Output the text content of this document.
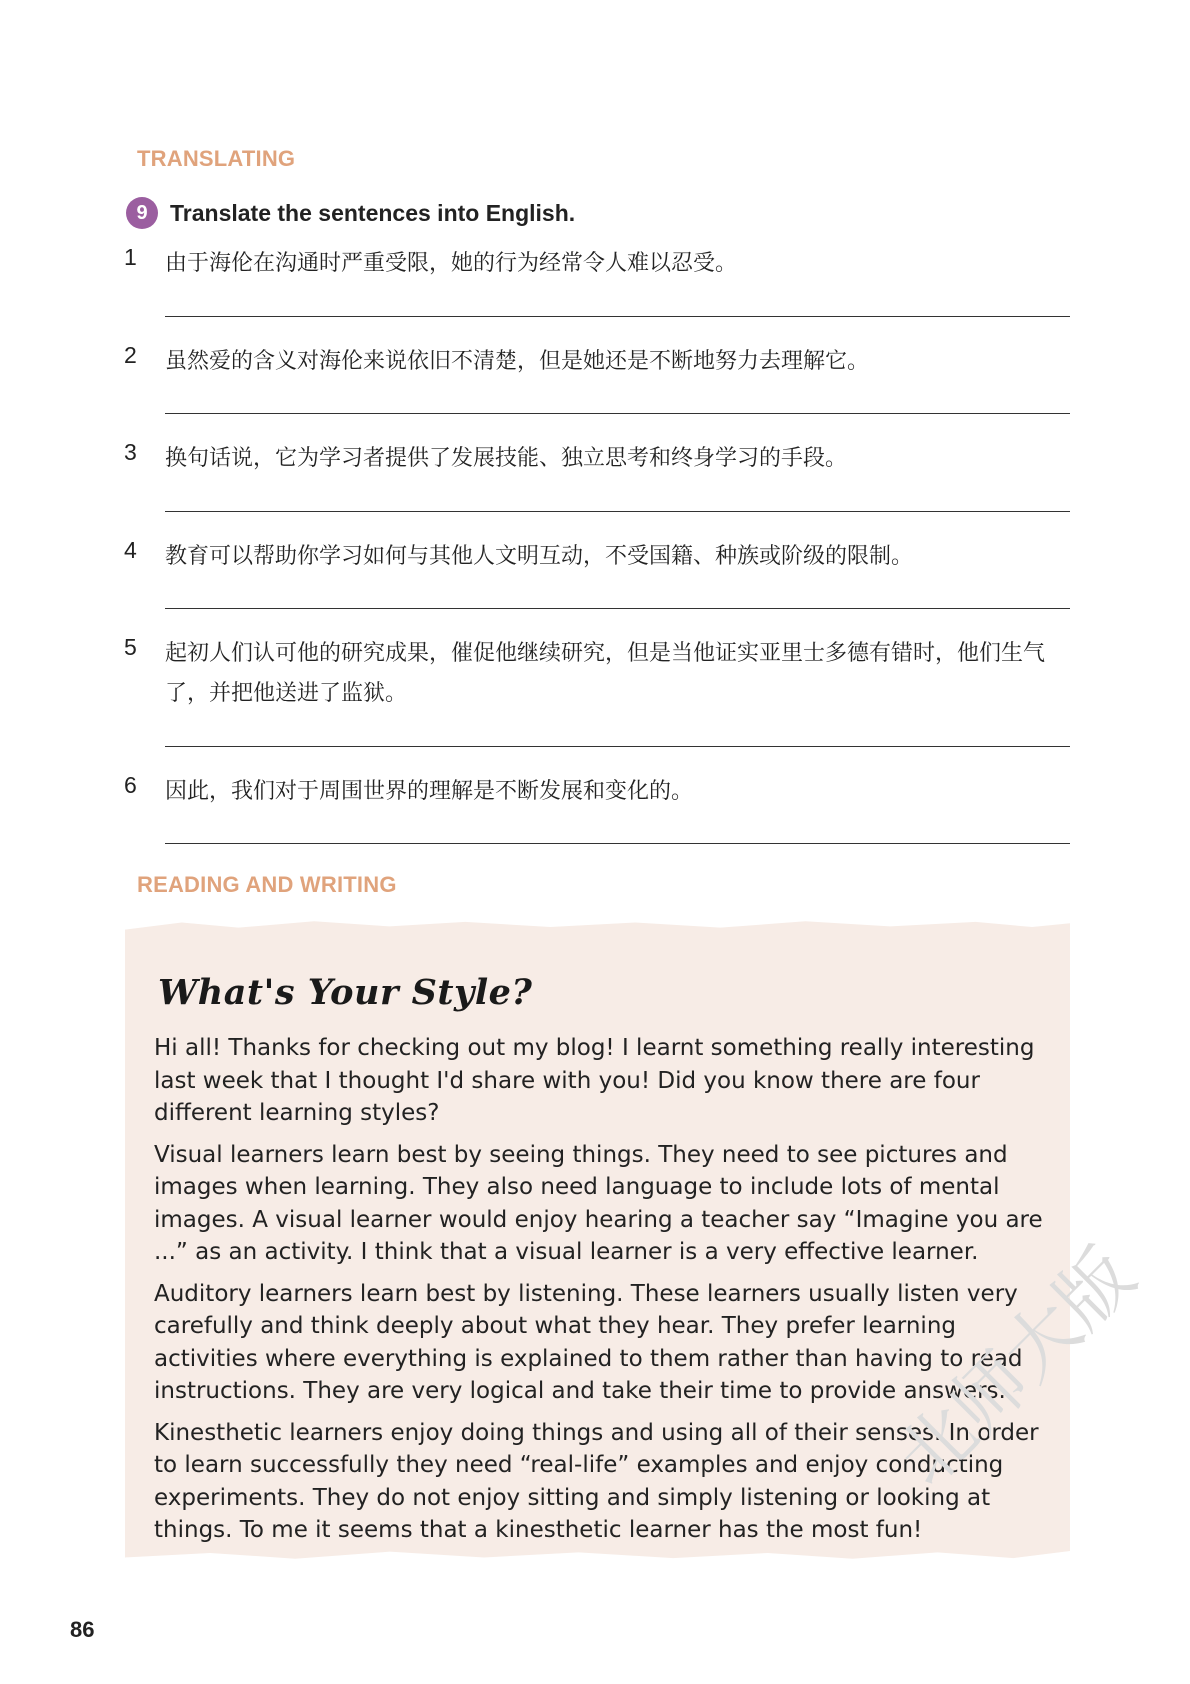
TRANSLATING
9 Translate the sentences into English.
1 由于海伦在沟通时严重受限，她的行为经常令人难以忍受。
2 虽然爱的含义对海伦来说依旧不清楚，但是她还是不断地努力去理解它。
3 换句话说，它为学习者提供了发展技能、独立思考和终身学习的手段。
4 教育可以帮助你学习如何与其他人文明互动，不受国籍、种族或阶级的限制。
5 起初人们认可他的研究成果，催促他继续研究，但是当他证实亚里士多德有错时，他们生气了，并把他送进了监狱。
6 因此，我们对于周围世界的理解是不断发展和变化的。
READING AND WRITING
What's Your Style?

Hi all! Thanks for checking out my blog! I learnt something really interesting last week that I thought I'd share with you! Did you know there are four different learning styles?

Visual learners learn best by seeing things. They need to see pictures and images when learning. They also need language to include lots of mental images. A visual learner would enjoy hearing a teacher say “Imagine you are ...” as an activity. I think that a visual learner is a very effective learner.

Auditory learners learn best by listening. These learners usually listen very carefully and think deeply about what they hear. They prefer learning activities where everything is explained to them rather than having to read instructions. They are very logical and take their time to provide answers.

Kinesthetic learners enjoy doing things and using all of their senses. In order to learn successfully they need “real-life” examples and enjoy conducting experiments. They do not enjoy sitting and simply listening or looking at things. To me it seems that a kinesthetic learner has the most fun!

北师大版
86
